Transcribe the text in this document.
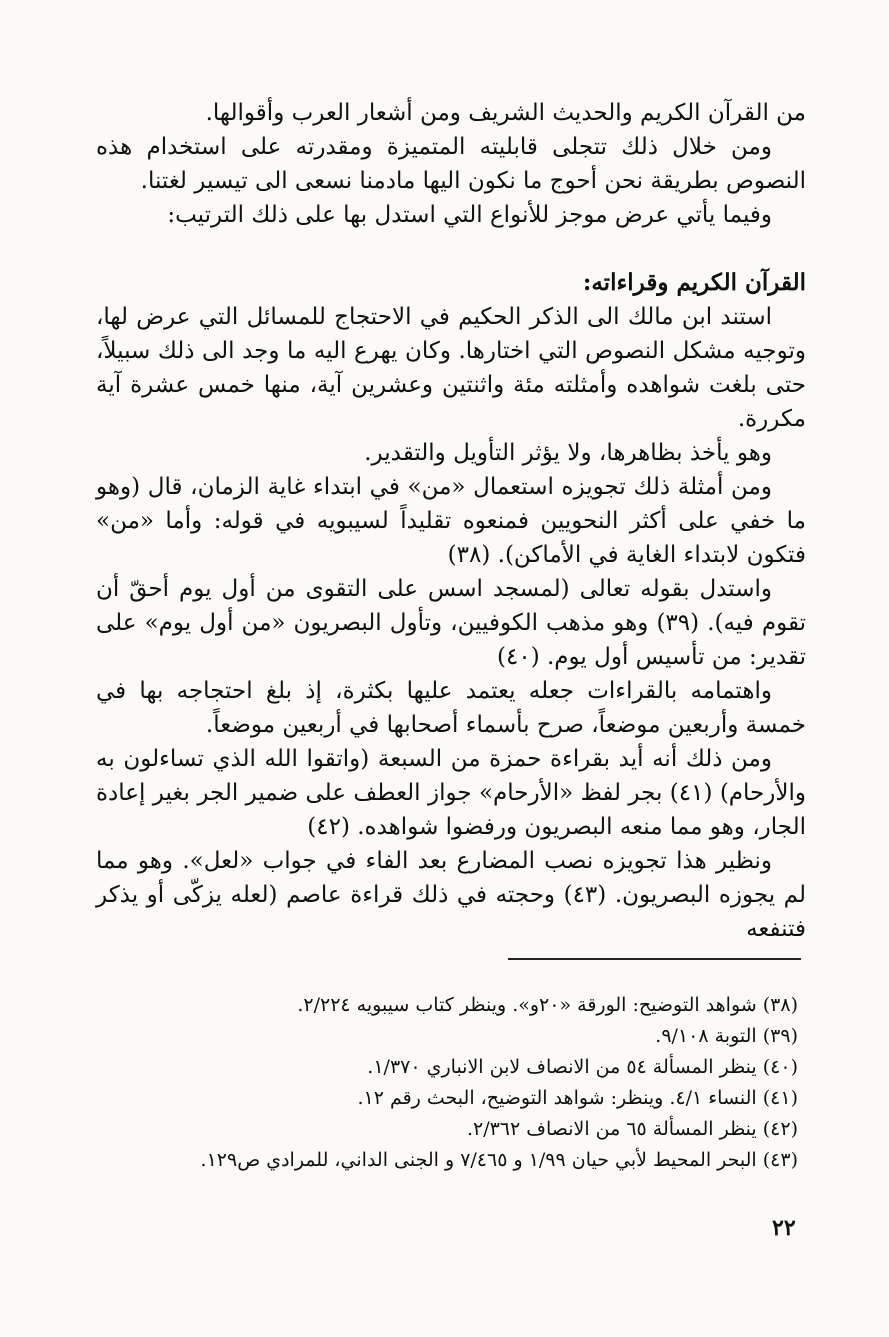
من القرآن الكريم والحديث الشريف ومن أشعار العرب وأقوالها.

ومن خلال ذلك تتجلى قابليته المتميزة ومقدرته على استخدام هذه النصوص بطريقة نحن أحوج ما نكون اليها مادمنا نسعى الى تيسير لغتنا.

وفيما يأتي عرض موجز للأنواع التي استدل بها على ذلك الترتيب:

القرآن الكريم وقراءاته:

استند ابن مالك الى الذكر الحكيم في الاحتجاج للمسائل التي عرض لها، وتوجيه مشكل النصوص التي اختارها. وكان يهرع اليه ما وجد الى ذلك سبيلاً، حتى بلغت شواهده وأمثلته مئة واثنتين وعشرين آية، منها خمس عشرة آية مكررة.

وهو يأخذ بظاهرها، ولا يؤثر التأويل والتقدير.

ومن أمثلة ذلك تجويزه استعمال «من» في ابتداء غاية الزمان، قال (وهو ما خفي على أكثر النحويين فمنعوه تقليداً لسيبويه في قوله: وأما «من» فتكون لابتداء الغاية في الأماكن). (٣٨)

واستدل بقوله تعالى (لمسجد اسس على التقوى من أول يوم أحقّ أن تقوم فيه). (٣٩) وهو مذهب الكوفيين، وتأول البصريون «من أول يوم» على تقدير: من تأسيس أول يوم. (٤٠)

واهتمامه بالقراءات جعله يعتمد عليها بكثرة، إذ بلغ احتجاجه بها في خمسة وأربعين موضعاً، صرح بأسماء أصحابها في أربعين موضعاً.

ومن ذلك أنه أيد بقراءة حمزة من السبعة (واتقوا الله الذي تساءلون به والأرحام) (٤١) بجر لفظ «الأرحام» جواز العطف على ضمير الجر بغير إعادة الجار، وهو مما منعه البصريون ورفضوا شواهده. (٤٢)

ونظير هذا تجويزه نصب المضارع بعد الفاء في جواب «لعل». وهو مما لم يجوزه البصريون. (٤٣) وحجته في ذلك قراءة عاصم (لعله يزكّى أو يذكر فتنفعه

(٣٨) شواهد التوضيح: الورقة «٢٠و». وينظر كتاب سيبويه ٢/٢٢٤.

(٣٩) التوبة ٩/١٠٨.

(٤٠) ينظر المسألة ٥٤ من الانصاف لابن الانباري ١/٣٧٠.

(٤١) النساء ٤/١. وينظر: شواهد التوضيح، البحث رقم ١٢.

(٤٢) ينظر المسألة ٦٥ من الانصاف ٢/٣٦٢.

(٤٣) البحر المحيط لأبي حيان ١/٩٩ و ٧/٤٦٥ و الجنى الداني، للمرادي ص١٢٩.

٢٢
